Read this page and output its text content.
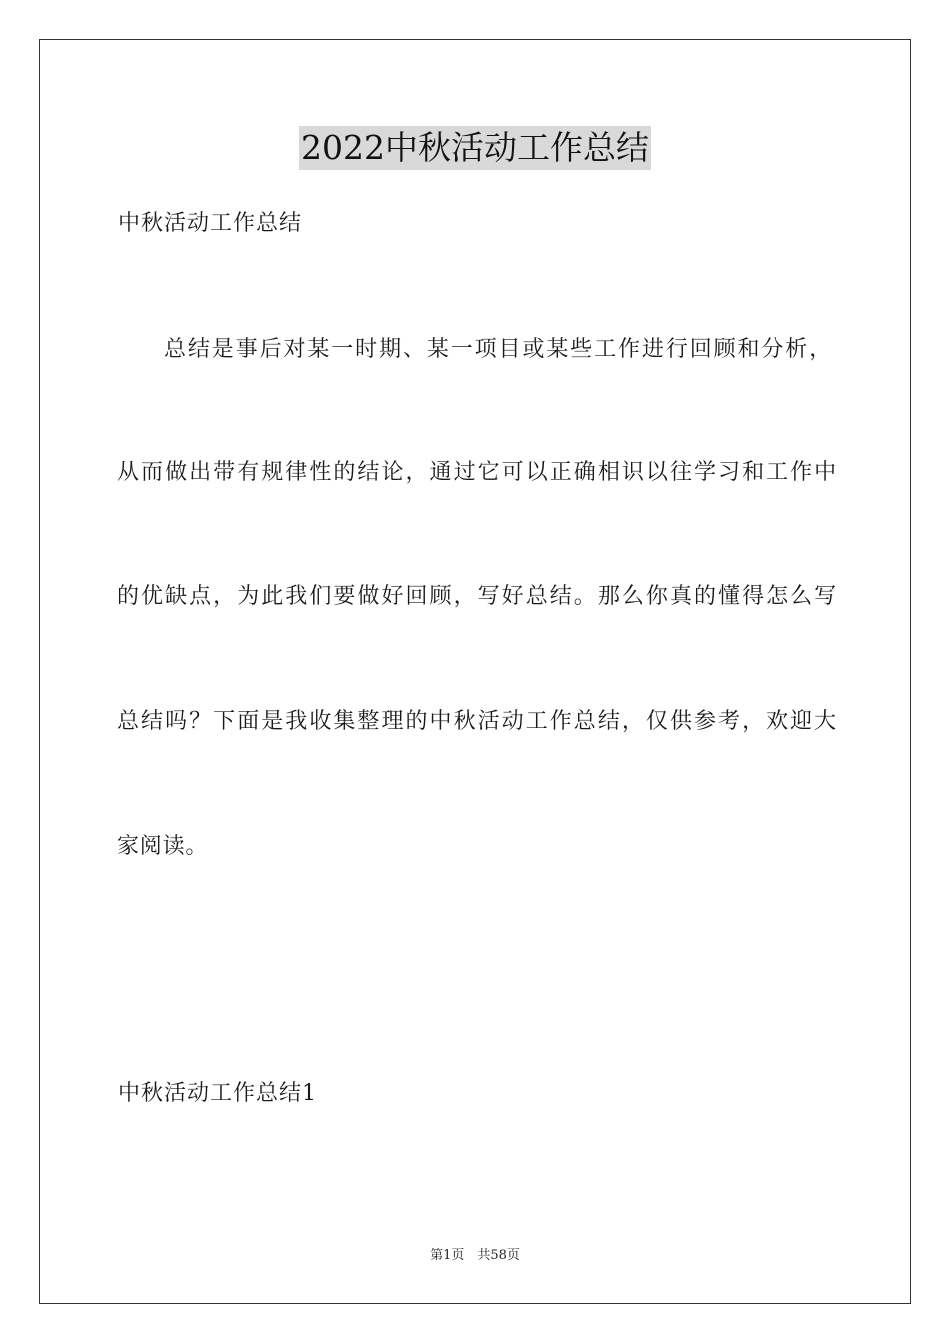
2022中秋活动工作总结
中秋活动工作总结
总结是事后对某一时期、某一项目或某些工作进行回顾和分析，
从而做出带有规律性的结论，通过它可以正确相识以往学习和工作中
的优缺点，为此我们要做好回顾，写好总结。那么你真的懂得怎么写
总结吗？下面是我收集整理的中秋活动工作总结，仅供参考，欢迎大
家阅读。
中秋活动工作总结1
第1页　共58页
